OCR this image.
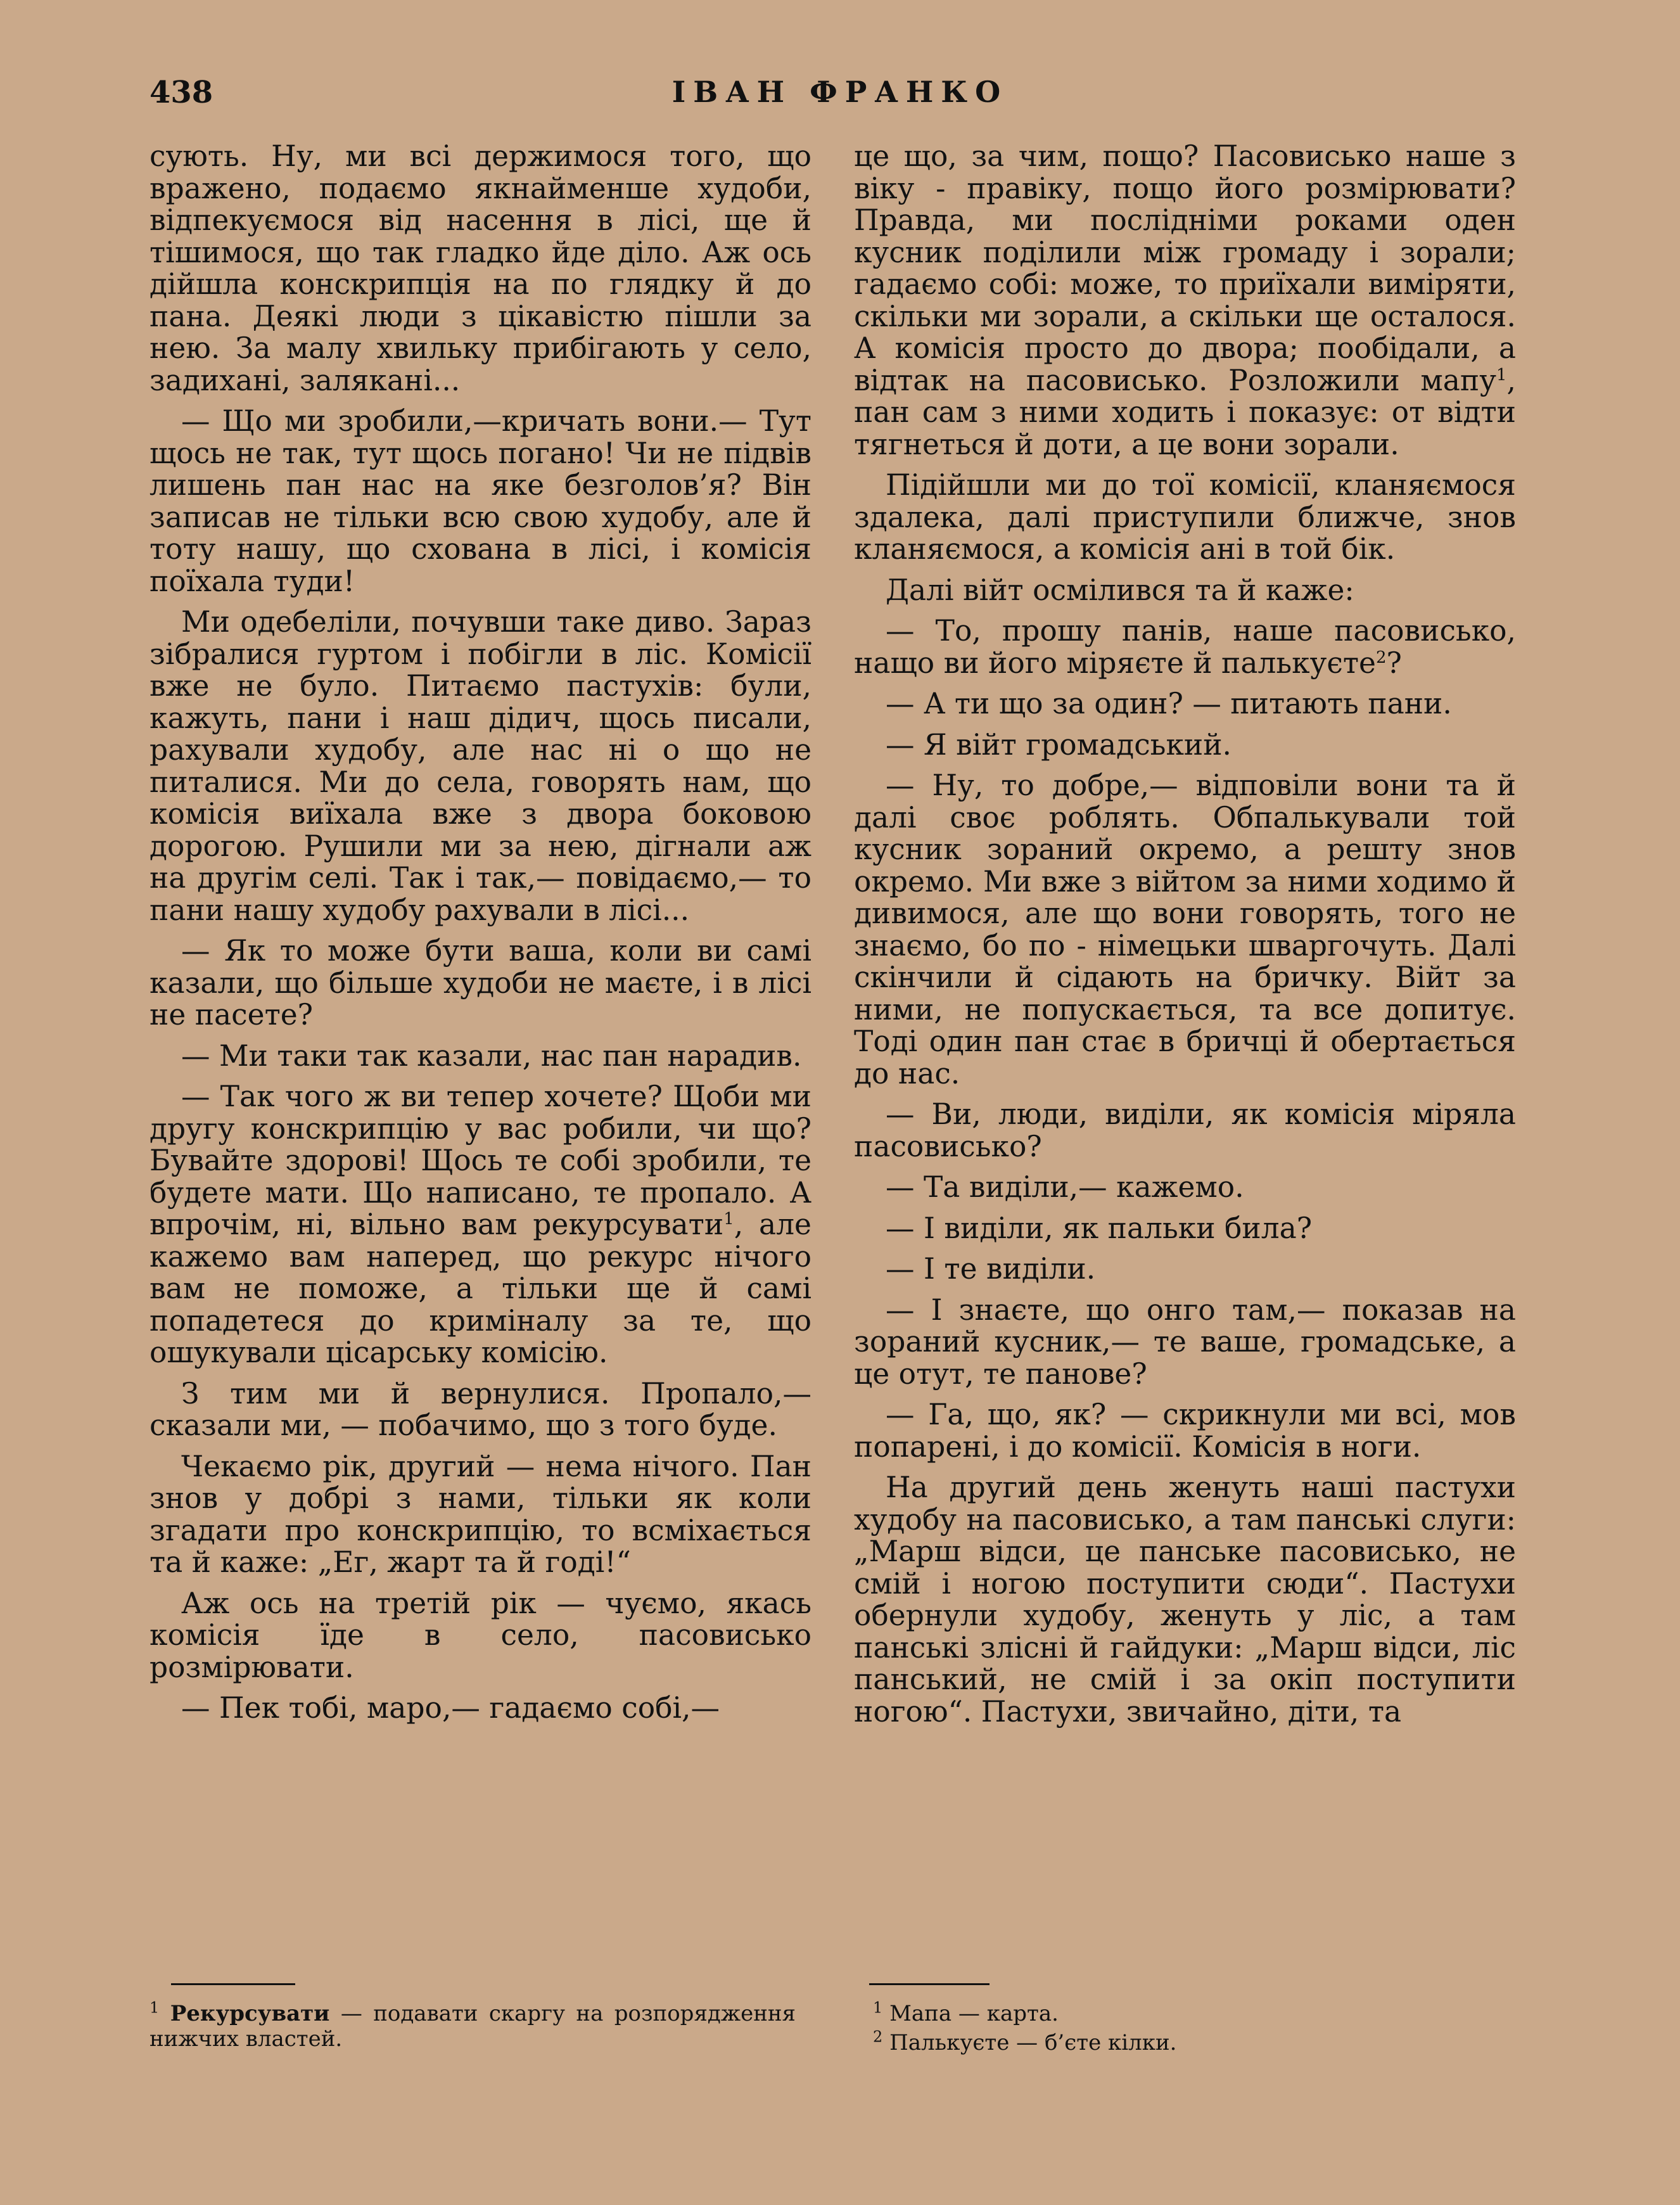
438	ІВАН ФРАНКО

сують. Ну, ми всі держимося того, що вражено, подаємо якнайменше худоби, відпекуємося від насення в лісі, ще й тішимося, що так гладко йде діло. Аж ось дійшла конскрипція на по глядку й до пана. Деякі люди з цікавістю пішли за нею. За малу хвильку прибігають у село, задихані, залякані...

— Що ми зробили,—кричать вони.— Тут щось не так, тут щось погано! Чи не підвів лишень пан нас на яке безголов’я? Він записав не тільки всю свою худобу, але й тоту нашу, що схована в лісі, і комісія поїхала туди!

Ми одебеліли, почувши таке диво. Зараз зібралися гуртом і побігли в ліс. Комісії вже не було. Питаємо пастухів: були, кажуть, пани і наш дідич, щось писали, рахували худобу, але нас ні о що не питалися. Ми до села, говорять нам, що комісія виїхала вже з двора боковою дорогою. Рушили ми за нею, дігнали аж на другім селі. Так і так,— повідаємо,— то пани нашу худобу рахували в лісі...

— Як то може бути ваша, коли ви самі казали, що більше худоби не маєте, і в лісі не пасете?

— Ми таки так казали, нас пан нарадив.

— Так чого ж ви тепер хочете? Щоби ми другу конскрипцію у вас робили, чи що? Бувайте здорові! Щось те собі зробили, те будете мати. Що написано, те пропало. А впрочім, ні, вільно вам рекурсувати$^1$, але кажемо вам наперед, що рекурс нічого вам не поможе, а тільки ще й самі попадетеся до криміналу за те, що ошукували цісарську комісію.

З тим ми й вернулися. Пропало,— сказали ми, — побачимо, що з того буде.

Чекаємо рік, другий — нема нічого. Пан знов у добрі з нами, тільки як коли згадати про конскрипцію, то всміхається та й каже: „Ег, жарт та й годі!“

Аж ось на третій рік — чуємо, якась комісія їде в село, пасовисько розмірювати.

— Пек тобі, маро,— гадаємо собі,—

це що, за чим, пощо? Пасовисько наше з віку - правіку, пощо його розмірювати? Правда, ми послідніми роками оден кусник поділили між громаду і зорали; гадаємо собі: може, то приїхали виміряти, скільки ми зорали, а скільки ще осталося. А комісія просто до двора; пообідали, а відтак на пасовисько. Розложили мапу$^1$, пан сам з ними ходить і показує: от відти тягнеться й доти, а це вони зорали.

Підійшли ми до тої комісії, кланяємося здалека, далі приступили ближче, знов кланяємося, а комісія ані в той бік.

Далі війт осмілився та й каже:

— То, прошу панів, наше пасовисько, нащо ви його міряєте й палькуєте$^2$?

— А ти що за один? — питають пани.

— Я війт громадський.

— Ну, то добре,— відповіли вони та й далі своє роблять. Обпалькували той кусник зораний окремо, а решту знов окремо. Ми вже з війтом за ними ходимо й дивимося, але що вони говорять, того не знаємо, бо по - німецьки шваргочуть. Далі скінчили й сідають на бричку. Війт за ними, не попускається, та все допитує. Тоді один пан стає в бричці й обертається до нас.

— Ви, люди, виділи, як комісія міряла пасовисько?

— Та виділи,— кажемо.

— І виділи, як пальки била?

— І те виділи.

— І знаєте, що онго там,— показав на зораний кусник,— те ваше, громадське, а це отут, те панове?

— Га, що, як? — скрикнули ми всі, мов попарені, і до комісії. Комісія в ноги.

На другий день женуть наші пастухи худобу на пасовисько, а там панські слуги: „Марш відси, це панське пасовисько, не смій і ногою поступити сюди“. Пастухи обернули худобу, женуть у ліс, а там панські злісні й гайдуки: „Марш відси, ліс панський, не смій і за окіп поступити ногою“. Пастухи, звичайно, діти, та

$^1$ Рекурсувати — подавати скаргу на розпорядження нижчих властей.

$^1$ Мапа — карта.

$^2$ Палькуєте — б’єте кілки.
